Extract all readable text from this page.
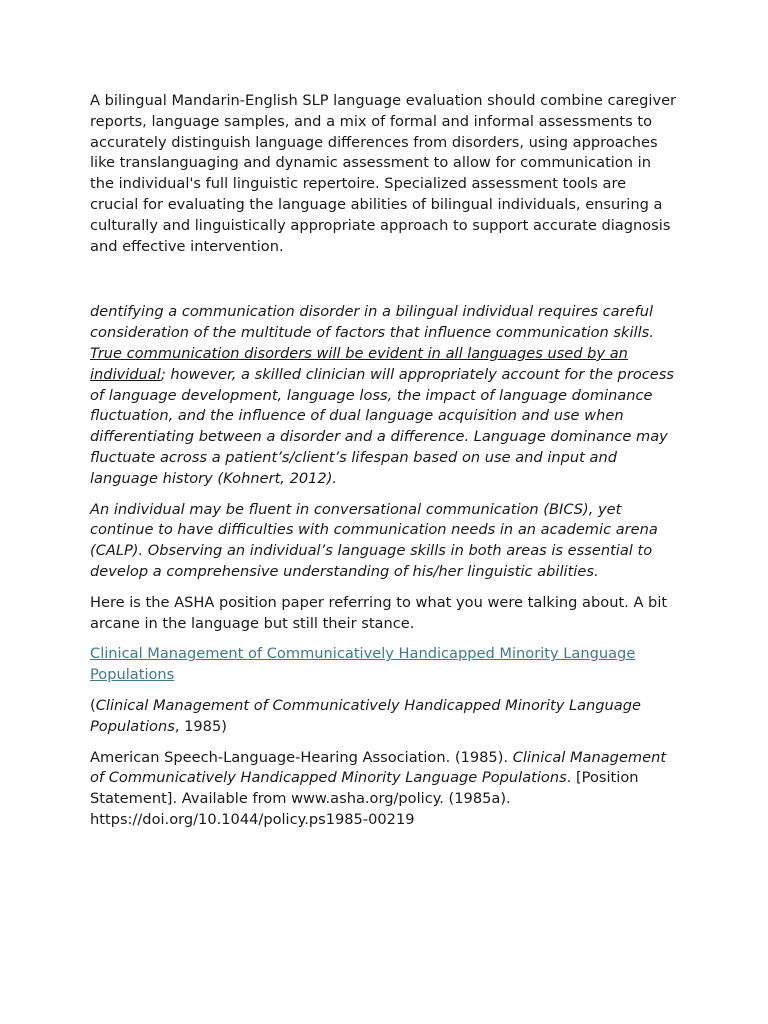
A bilingual Mandarin-English SLP language evaluation should combine caregiver reports, language samples, and a mix of formal and informal assessments to accurately distinguish language differences from disorders, using approaches like translanguaging and dynamic assessment to allow for communication in the individual's full linguistic repertoire. Specialized assessment tools are crucial for evaluating the language abilities of bilingual individuals, ensuring a culturally and linguistically appropriate approach to support accurate diagnosis and effective intervention.

dentifying a communication disorder in a bilingual individual requires careful consideration of the multitude of factors that influence communication skills. True communication disorders will be evident in all languages used by an individual; however, a skilled clinician will appropriately account for the process of language development, language loss, the impact of language dominance fluctuation, and the influence of dual language acquisition and use when differentiating between a disorder and a difference. Language dominance may fluctuate across a patient’s/client’s lifespan based on use and input and language history (Kohnert, 2012).

An individual may be fluent in conversational communication (BICS), yet continue to have difficulties with communication needs in an academic arena (CALP). Observing an individual’s language skills in both areas is essential to develop a comprehensive understanding of his/her linguistic abilities.

Here is the ASHA position paper referring to what you were talking about. A bit arcane in the language but still their stance.

Clinical Management of Communicatively Handicapped Minority Language Populations

(Clinical Management of Communicatively Handicapped Minority Language Populations, 1985)

American Speech-Language-Hearing Association. (1985). Clinical Management of Communicatively Handicapped Minority Language Populations. [Position Statement]. Available from www.asha.org/policy. (1985a). https://doi.org/10.1044/policy.ps1985-00219
